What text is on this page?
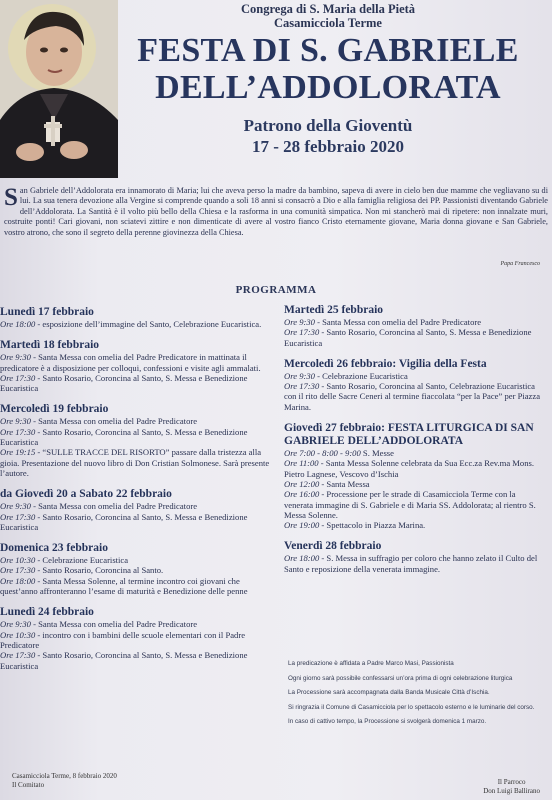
Congrega di S. Maria della Pietà
Casamicciola Terme
FESTA DI S. GABRIELE
DELL’ADDOLORATA
Patrono della Gioventù
17 - 28 febbraio 2020
San Gabriele dell’Addolorata era innamorato di Maria; lui che aveva perso la madre da bambino, sapeva di avere in cielo ben due mamme che vegliavano su di lui. La sua tenera devozione alla Vergine si comprende quando a soli 18 anni si consacrò a Dio e alla famiglia religiosa dei PP. Passionisti diventando Gabriele dell’Addolorata. La Santità è il volto più bello della Chiesa e la rasforma in una comunità simpatica. Non mi stancherò mai di ripetere: non innalzate muri, costruite ponti! Cari giovani, non sciatevi zittire e non dimenticate di avere al vostro fianco Cristo eternamente giovane, Maria donna giovane e San Gabriele, vostro atrono, che sono il segreto della perenne giovinezza della Chiesa.
Papa Francesco
PROGRAMMA
Lunedì 17 febbraio
Ore 18:00 - esposizione dell’immagine del Santo, Celebrazione Eucaristica.
Martedì 18 febbraio
Ore 9:30 - Santa Messa con omelia del Padre Predicatore in mattinata il predicatore è a disposizione per colloqui, confessioni e visite agli ammalati.
Ore 17:30 - Santo Rosario, Coroncina al Santo, S. Messa e Benedizione Eucaristica
Mercoledì 19 febbraio
Ore 9:30 - Santa Messa con omelia del Padre Predicatore
Ore 17:30 - Santo Rosario, Coroncina al Santo, S. Messa e Benedizione Eucaristica
Ore 19:15 - “SULLE TRACCE DEL RISORTO” passare dalla tristezza alla gioia. Presentazione del nuovo libro di Don Cristian Solmonese. Sarà presente l’autore.
da Giovedì 20 a Sabato 22 febbraio
Ore 9:30 - Santa Messa con omelia del Padre Predicatore
Ore 17:30 - Santo Rosario, Coroncina al Santo, S. Messa e Benedizione Eucaristica
Domenica 23 febbraio
Ore 10:30 - Celebrazione Eucaristica
Ore 17:30 - Santo Rosario, Coroncina al Santo.
Ore 18:00 - Santa Messa Solenne, al termine incontro coi giovani che quest’anno affronteranno l’esame di maturità e Benedizione delle penne
Lunedì 24 febbraio
Ore 9:30 - Santa Messa con omelia del Padre Predicatore
Ore 10:30 - incontro con i bambini delle scuole elementari con il Padre Predicatore
Ore 17:30 - Santo Rosario, Coroncina al Santo, S. Messa e Benedizione Eucaristica
Martedì 25 febbraio
Ore 9:30 - Santa Messa con omelia del Padre Predicatore
Ore 17:30 - Santo Rosario, Coroncina al Santo, S. Messa e Benedizione Eucaristica
Mercoledì 26 febbraio: Vigilia della Festa
Ore 9:30 - Celebrazione Eucaristica
Ore 17:30 - Santo Rosario, Coroncina al Santo, Celebrazione Eucaristica con il rito delle Sacre Ceneri al termine fiaccolata “per la Pace” per Piazza Marina.
Giovedì 27 febbraio: FESTA LITURGICA DI SAN GABRIELE DELL’ADDOLORATA
Ore 7:00 - 8:00 - 9:00 S. Messe
Ore 11:00 - Santa Messa Solenne celebrata da Sua Ecc.za Rev.ma Mons. Pietro Lagnese, Vescovo d’Ischia
Ore 12:00 - Santa Messa
Ore 16:00 - Processione per le strade di Casamicciola Terme con la venerata immagine di S. Gabriele e di Maria SS. Addolorata; al rientro S. Messa Solenne.
Ore 19:00 - Spettacolo in Piazza Marina.
Venerdì 28 febbraio
Ore 18:00 - S. Messa in suffragio per coloro che hanno zelato il Culto del Santo e reposizione della venerata immagine.

La predicazione è affidata a Padre Marco Masi, Passionista

Ogni giorno sarà possibile confessarsi un’ora prima di ogni celebrazione liturgica

La Processione sarà accompagnata dalla Banda Musicale Città d’Ischia.

Si ringrazia il Comune di Casamicciola per lo spettacolo esterno e le luminarie del corso.

In caso di cattivo tempo, la Processione si svolgerà domenica 1 marzo.

Casamicciola Terme, 8 febbraio 2020
Il Comitato	Il Parroco
Don Luigi Ballirano
